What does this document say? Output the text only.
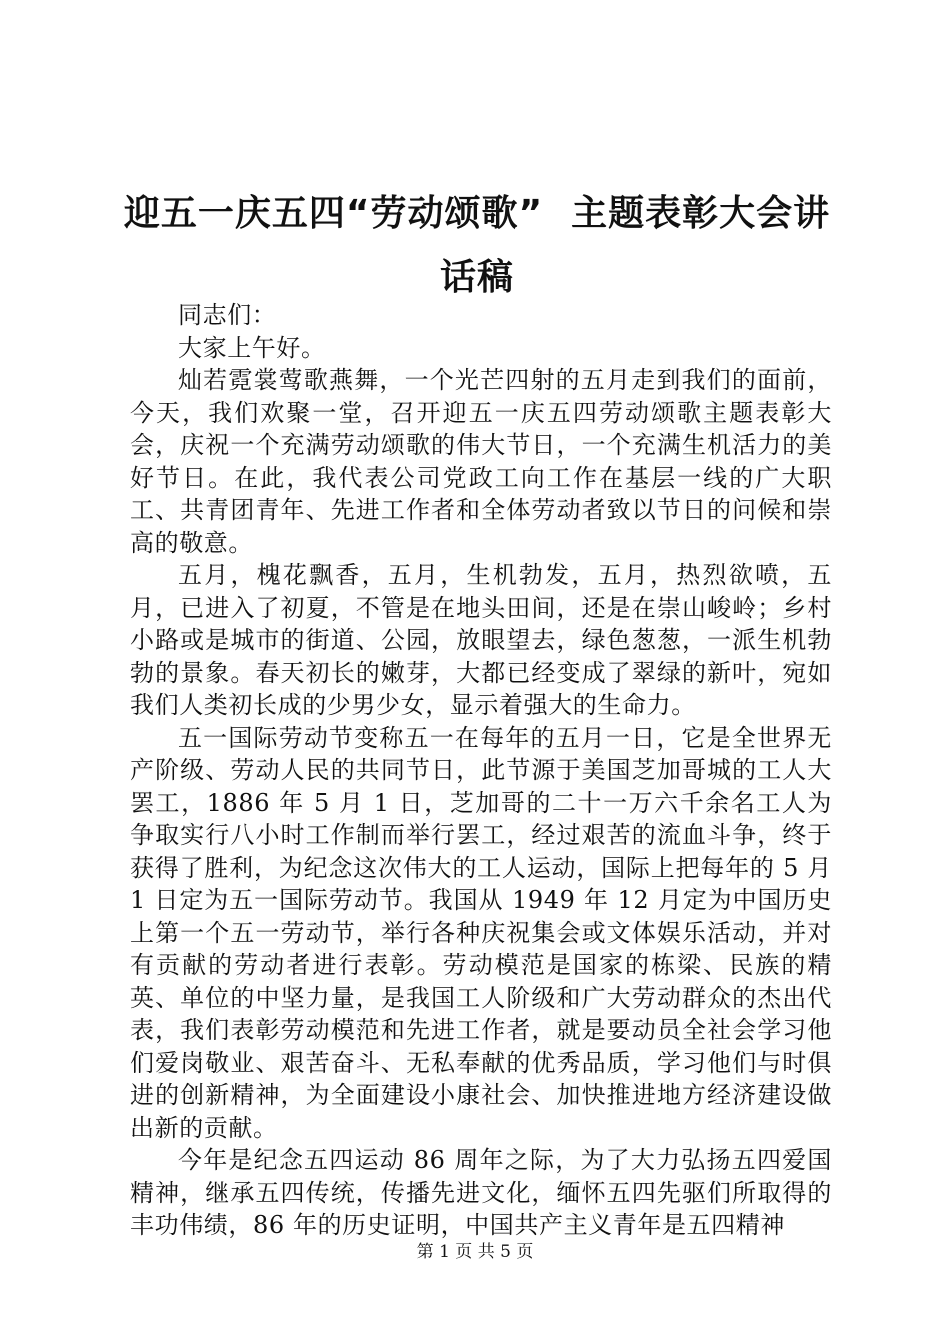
迎五一庆五四“劳动颂歌” 主题表彰大会讲
话稿

同志们：

大家上午好。

灿若霓裳莺歌燕舞，一个光芒四射的五月走到我们的面前，今天，我们欢聚一堂，召开迎五一庆五四劳动颂歌主题表彰大会，庆祝一个充满劳动颂歌的伟大节日，一个充满生机活力的美好节日。在此，我代表公司党政工向工作在基层一线的广大职工、共青团青年、先进工作者和全体劳动者致以节日的问候和崇高的敬意。

五月，槐花飘香，五月，生机勃发，五月，热烈欲喷，五月，已进入了初夏，不管是在地头田间，还是在崇山峻岭；乡村小路或是城市的街道、公园，放眼望去，绿色葱葱，一派生机勃勃的景象。春天初长的嫩芽，大都已经变成了翠绿的新叶，宛如我们人类初长成的少男少女，显示着强大的生命力。

五一国际劳动节变称五一在每年的五月一日，它是全世界无产阶级、劳动人民的共同节日，此节源于美国芝加哥城的工人大罢工，1886 年 5 月 1 日，芝加哥的二十一万六千余名工人为争取实行八小时工作制而举行罢工，经过艰苦的流血斗争，终于获得了胜利，为纪念这次伟大的工人运动，国际上把每年的 5 月 1 日定为五一国际劳动节。我国从 1949 年 12 月定为中国历史上第一个五一劳动节，举行各种庆祝集会或文体娱乐活动，并对有贡献的劳动者进行表彰。劳动模范是国家的栋梁、民族的精英、单位的中坚力量，是我国工人阶级和广大劳动群众的杰出代表，我们表彰劳动模范和先进工作者，就是要动员全社会学习他们爱岗敬业、艰苦奋斗、无私奉献的优秀品质，学习他们与时俱进的创新精神，为全面建设小康社会、加快推进地方经济建设做出新的贡献。

今年是纪念五四运动 86 周年之际，为了大力弘扬五四爱国精神，继承五四传统，传播先进文化，缅怀五四先驱们所取得的丰功伟绩，86 年的历史证明，中国共产主义青年是五四精神

第 1 页 共 5 页
